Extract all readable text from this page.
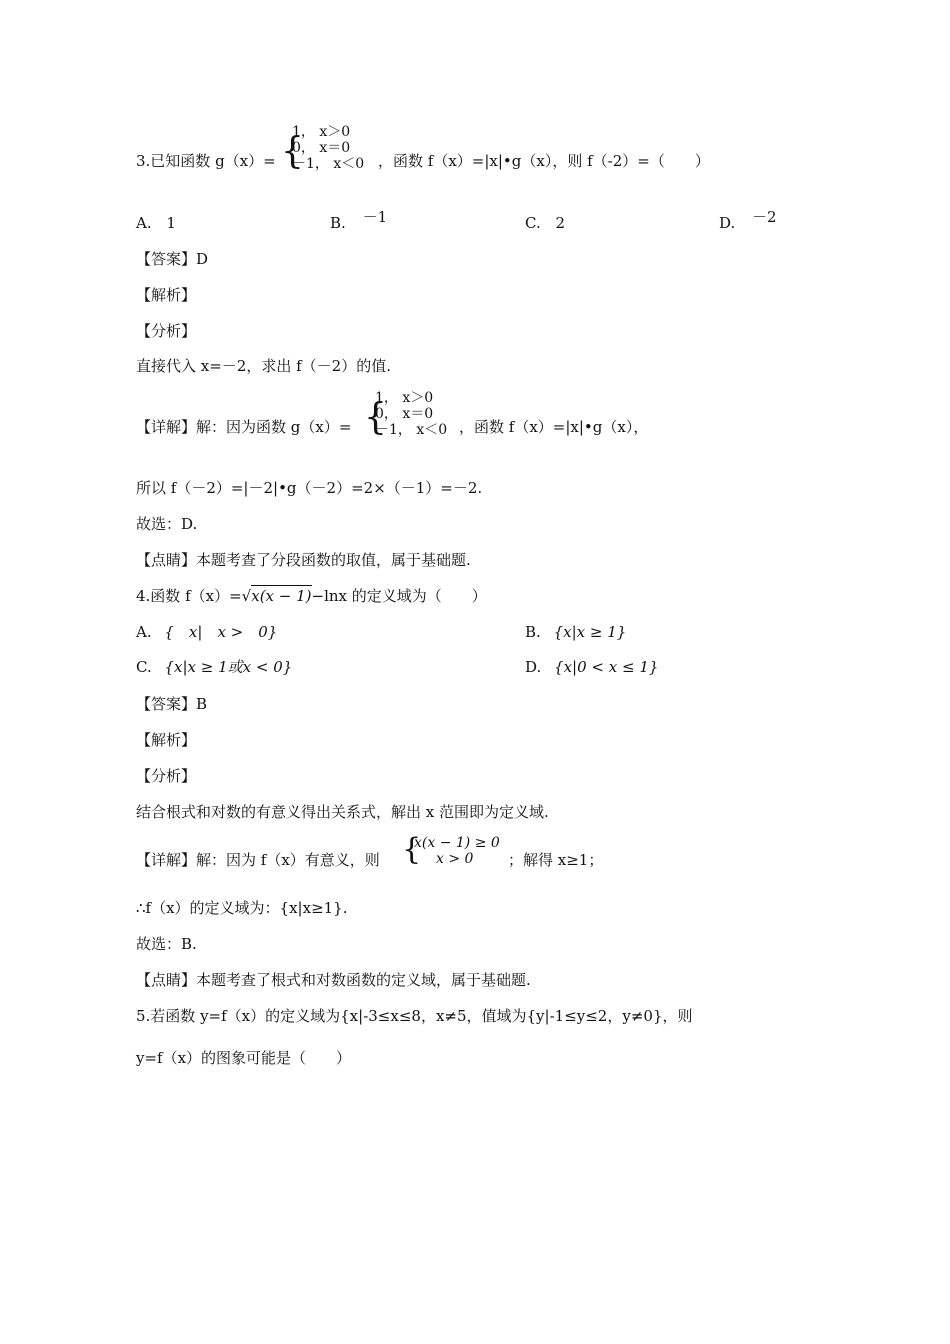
3.已知函数 g（x）= {
1， x＞0
0， x＝0
－1， x＜0 ，函数 f（x）=|x|•g（x），则 f（-2）=（　　）
A. 1	B. －1	C. 2	D. －2
【答案】D
【解析】
【分析】
直接代入 x=－2，求出 f（－2）的值.
【详解】解：因为函数 g（x）= {
1， x＞0
0， x＝0
－1， x＜0 ，函数 f（x）=|x|•g（x），
所以 f（－2）=|－2|•g（－2）=2×（－1）=－2.
故选：D.
【点睛】本题考查了分段函数的取值，属于基础题.
4.函数 f（x）=√x(x − 1)−lnx 的定义域为（　　）
A. {　x|　x >　0}	B. {x|x ≥ 1}
C. {x|x ≥ 1或x < 0}	D. {x|0 < x ≤ 1}
【答案】B
【解析】
【分析】
结合根式和对数的有意义得出关系式，解出 x 范围即为定义域.
【详解】解：因为 f（x）有意义，则 {
x(x − 1) ≥ 0
x > 0	；解得 x≥1；
∴f（x）的定义域为：{x|x≥1}.
故选：B.
【点睛】本题考查了根式和对数函数的定义域，属于基础题.
5.若函数 y=f（x）的定义域为{x|-3≤x≤8，x≠5，值域为{y|-1≤y≤2，y≠0}，则
y=f（x）的图象可能是（　　）
